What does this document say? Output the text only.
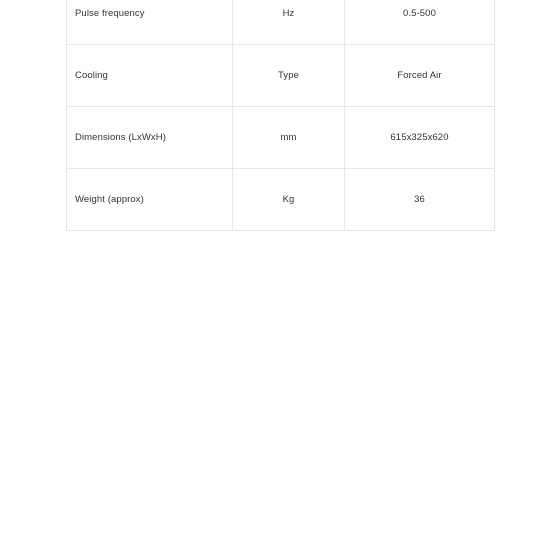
Pulse frequency	Hz	0.5-500
Cooling	Type	Forced Air
Dimensions (LxWxH)	mm	615x325x620
Weight (approx)	Kg	36
